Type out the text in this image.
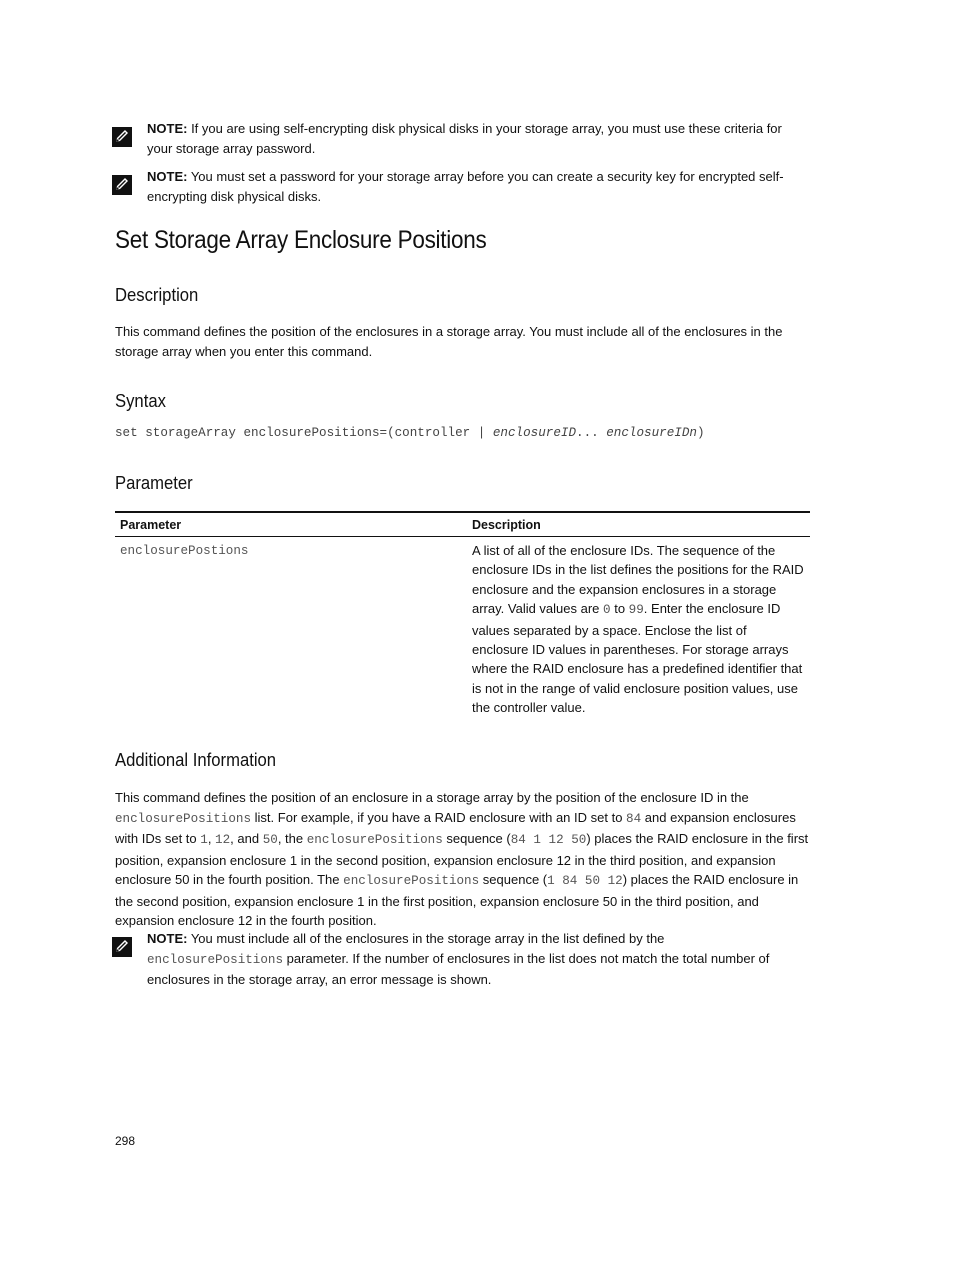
NOTE: If you are using self-encrypting disk physical disks in your storage array, you must use these criteria for your storage array password.
NOTE: You must set a password for your storage array before you can create a security key for encrypted self-encrypting disk physical disks.
Set Storage Array Enclosure Positions
Description
This command defines the position of the enclosures in a storage array. You must include all of the enclosures in the storage array when you enter this command.
Syntax
set storageArray enclosurePositions=(controller | enclosureID... enclosureIDn)
Parameter
Parameter	Description
enclosurePostions	A list of all of the enclosure IDs. The sequence of the enclosure IDs in the list defines the positions for the RAID enclosure and the expansion enclosures in a storage array. Valid values are 0 to 99. Enter the enclosure ID values separated by a space. Enclose the list of enclosure ID values in parentheses. For storage arrays where the RAID enclosure has a predefined identifier that is not in the range of valid enclosure position values, use the controller value.
Additional Information
This command defines the position of an enclosure in a storage array by the position of the enclosure ID in the enclosurePositions list. For example, if you have a RAID enclosure with an ID set to 84 and expansion enclosures with IDs set to 1, 12, and 50, the enclosurePositions sequence (84 1 12 50) places the RAID enclosure in the first position, expansion enclosure 1 in the second position, expansion enclosure 12 in the third position, and expansion enclosure 50 in the fourth position. The enclosurePositions sequence (1 84 50 12) places the RAID enclosure in the second position, expansion enclosure 1 in the first position, expansion enclosure 50 in the third position, and expansion enclosure 12 in the fourth position.
NOTE: You must include all of the enclosures in the storage array in the list defined by the enclosurePositions parameter. If the number of enclosures in the list does not match the total number of enclosures in the storage array, an error message is shown.
298
